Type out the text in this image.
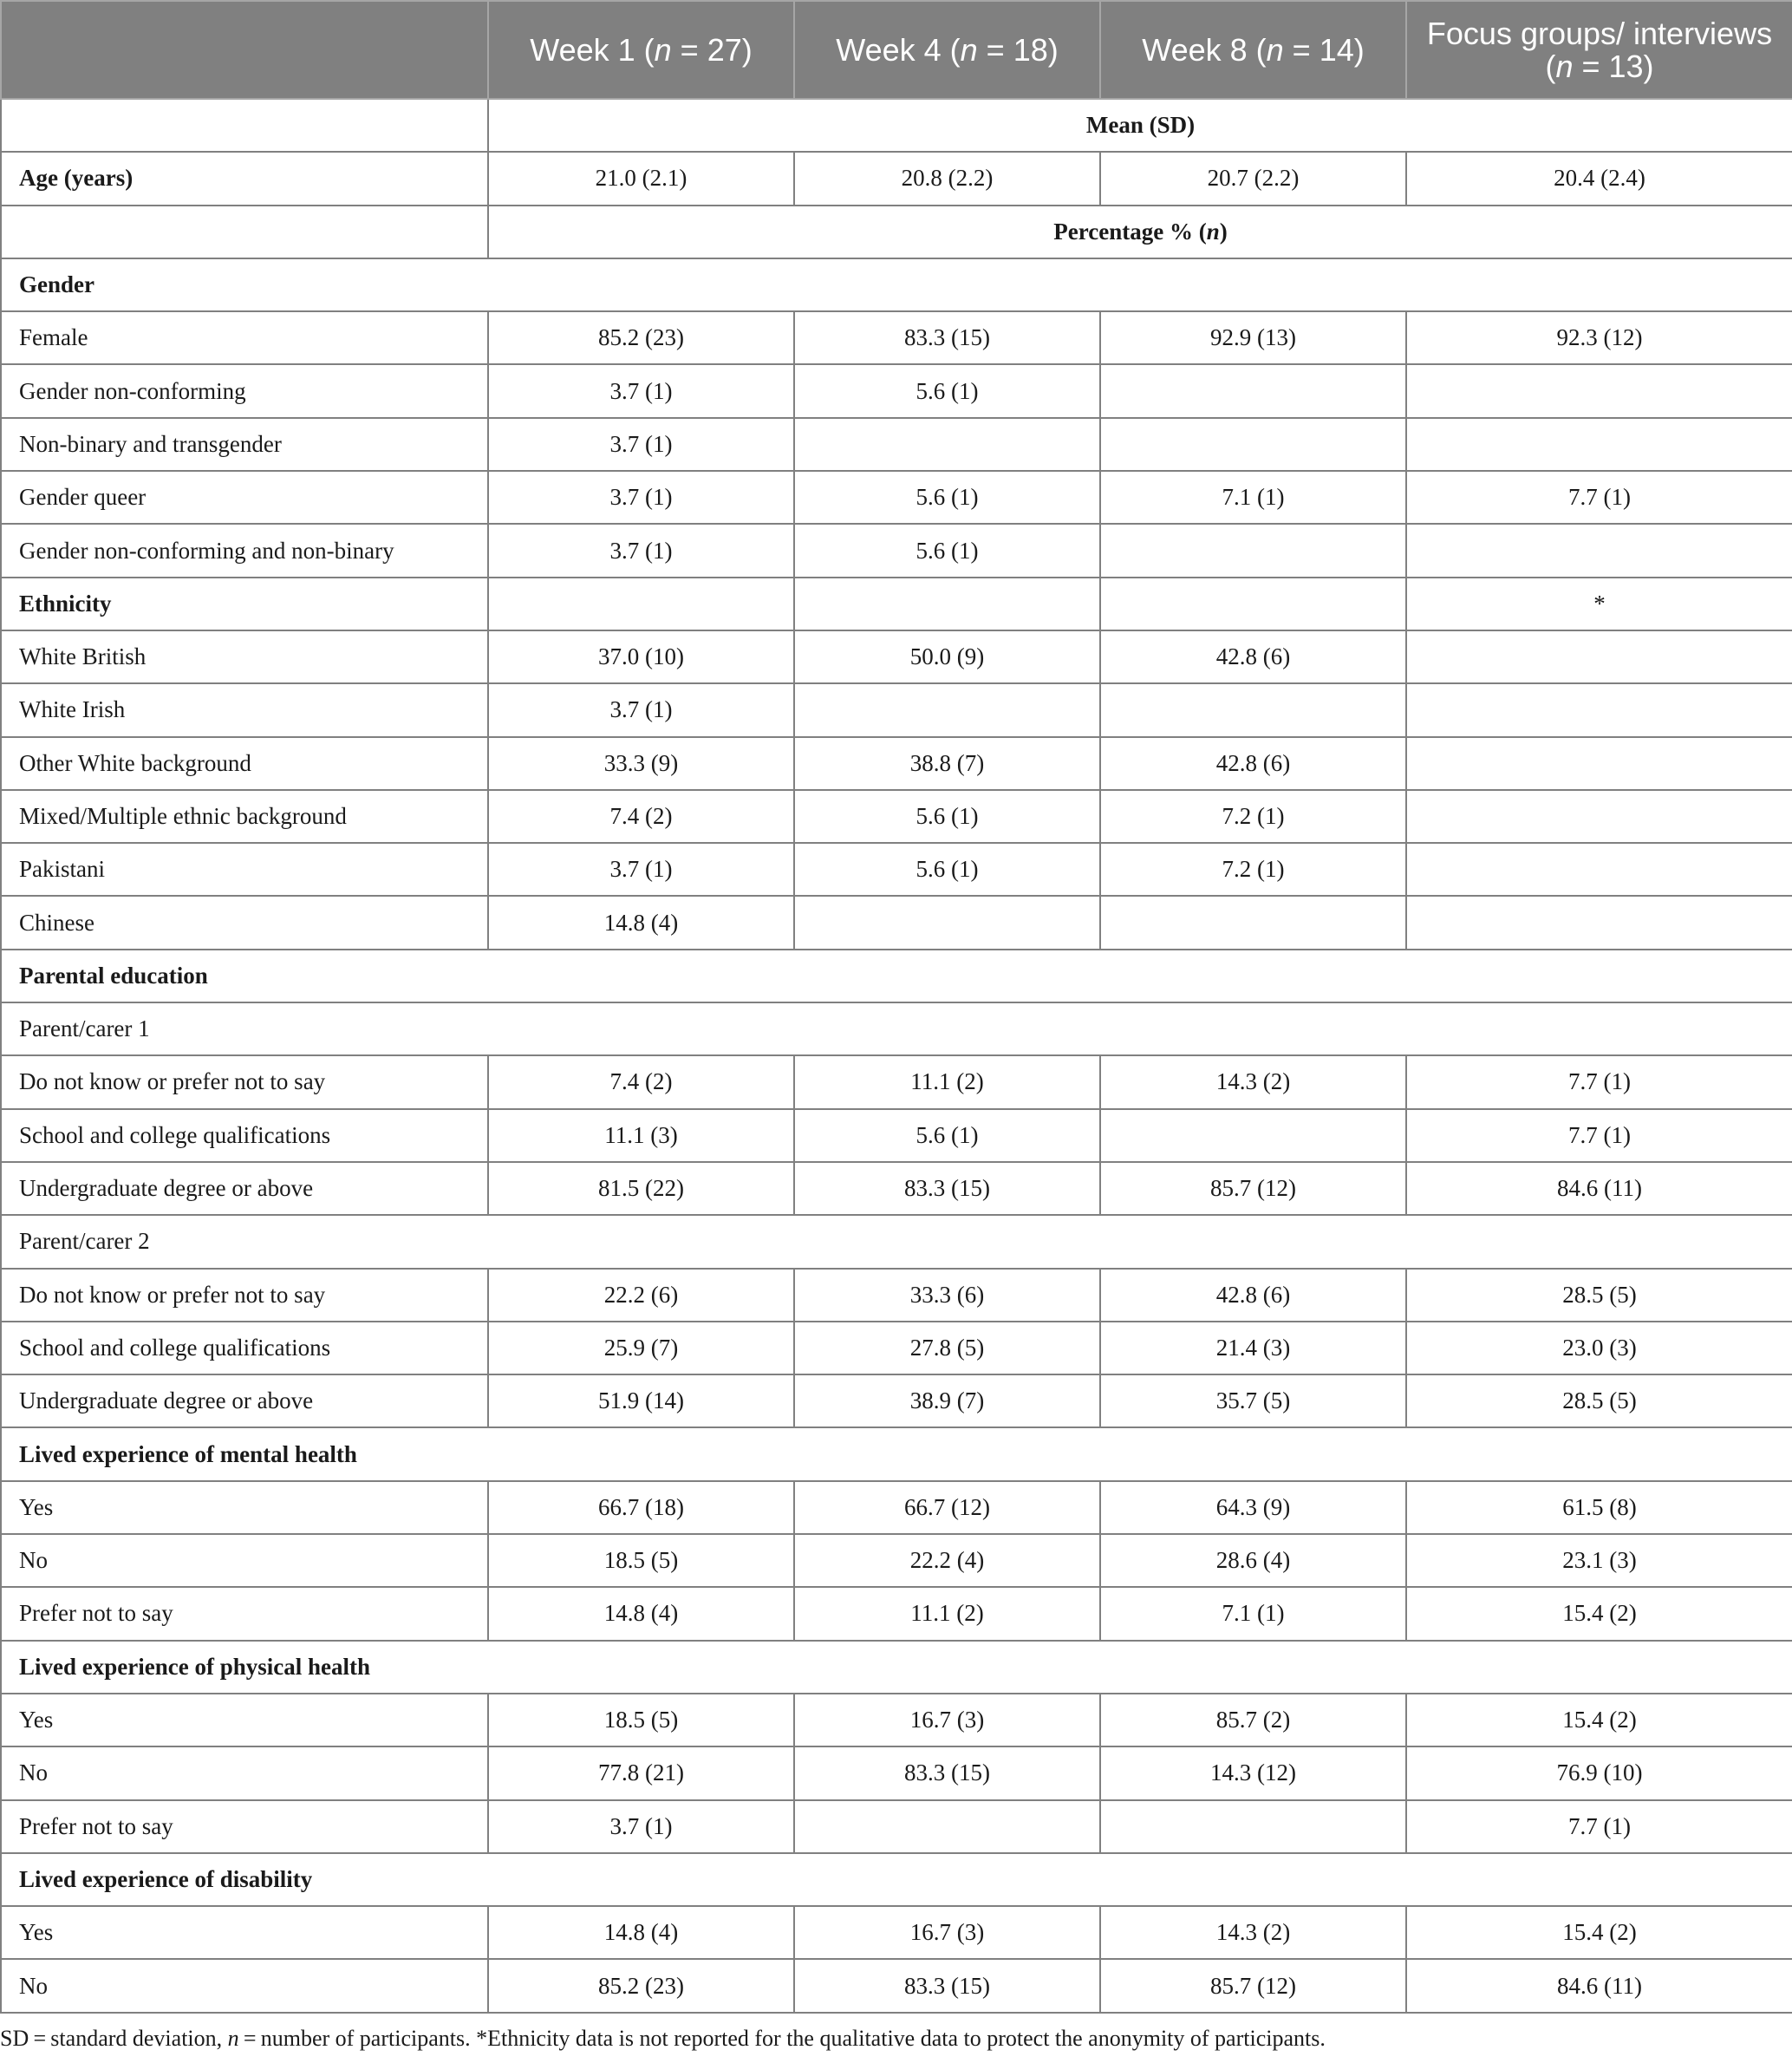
	Week 1 (n = 27)	Week 4 (n = 18)	Week 8 (n = 14)	Focus groups/ interviews (n = 13)
	Mean (SD)			
Age (years)	21.0 (2.1)	20.8 (2.2)	20.7 (2.2)	20.4 (2.4)
	Percentage % (n)			
Gender				
Female	85.2 (23)	83.3 (15)	92.9 (13)	92.3 (12)
Gender non-conforming	3.7 (1)	5.6 (1)		
Non-binary and transgender	3.7 (1)			
Gender queer	3.7 (1)	5.6 (1)	7.1 (1)	7.7 (1)
Gender non-conforming and non-binary	3.7 (1)	5.6 (1)		
Ethnicity				*
White British	37.0 (10)	50.0 (9)	42.8 (6)	
White Irish	3.7 (1)			
Other White background	33.3 (9)	38.8 (7)	42.8 (6)	
Mixed/Multiple ethnic background	7.4 (2)	5.6 (1)	7.2 (1)	
Pakistani	3.7 (1)	5.6 (1)	7.2 (1)	
Chinese	14.8 (4)			
Parental education				
Parent/carer 1				
Do not know or prefer not to say	7.4 (2)	11.1 (2)	14.3 (2)	7.7 (1)
School and college qualifications	11.1 (3)	5.6 (1)		7.7 (1)
Undergraduate degree or above	81.5 (22)	83.3 (15)	85.7 (12)	84.6 (11)
Parent/carer 2				
Do not know or prefer not to say	22.2 (6)	33.3 (6)	42.8 (6)	28.5 (5)
School and college qualifications	25.9 (7)	27.8 (5)	21.4 (3)	23.0 (3)
Undergraduate degree or above	51.9 (14)	38.9 (7)	35.7 (5)	28.5 (5)
Lived experience of mental health				
Yes	66.7 (18)	66.7 (12)	64.3 (9)	61.5 (8)
No	18.5 (5)	22.2 (4)	28.6 (4)	23.1 (3)
Prefer not to say	14.8 (4)	11.1 (2)	7.1 (1)	15.4 (2)
Lived experience of physical health				
Yes	18.5 (5)	16.7 (3)	85.7 (2)	15.4 (2)
No	77.8 (21)	83.3 (15)	14.3 (12)	76.9 (10)
Prefer not to say	3.7 (1)			7.7 (1)
Lived experience of disability				
Yes	14.8 (4)	16.7 (3)	14.3 (2)	15.4 (2)
No	85.2 (23)	83.3 (15)	85.7 (12)	84.6 (11)
SD = standard deviation, n = number of participants. *Ethnicity data is not reported for the qualitative data to protect the anonymity of participants.
